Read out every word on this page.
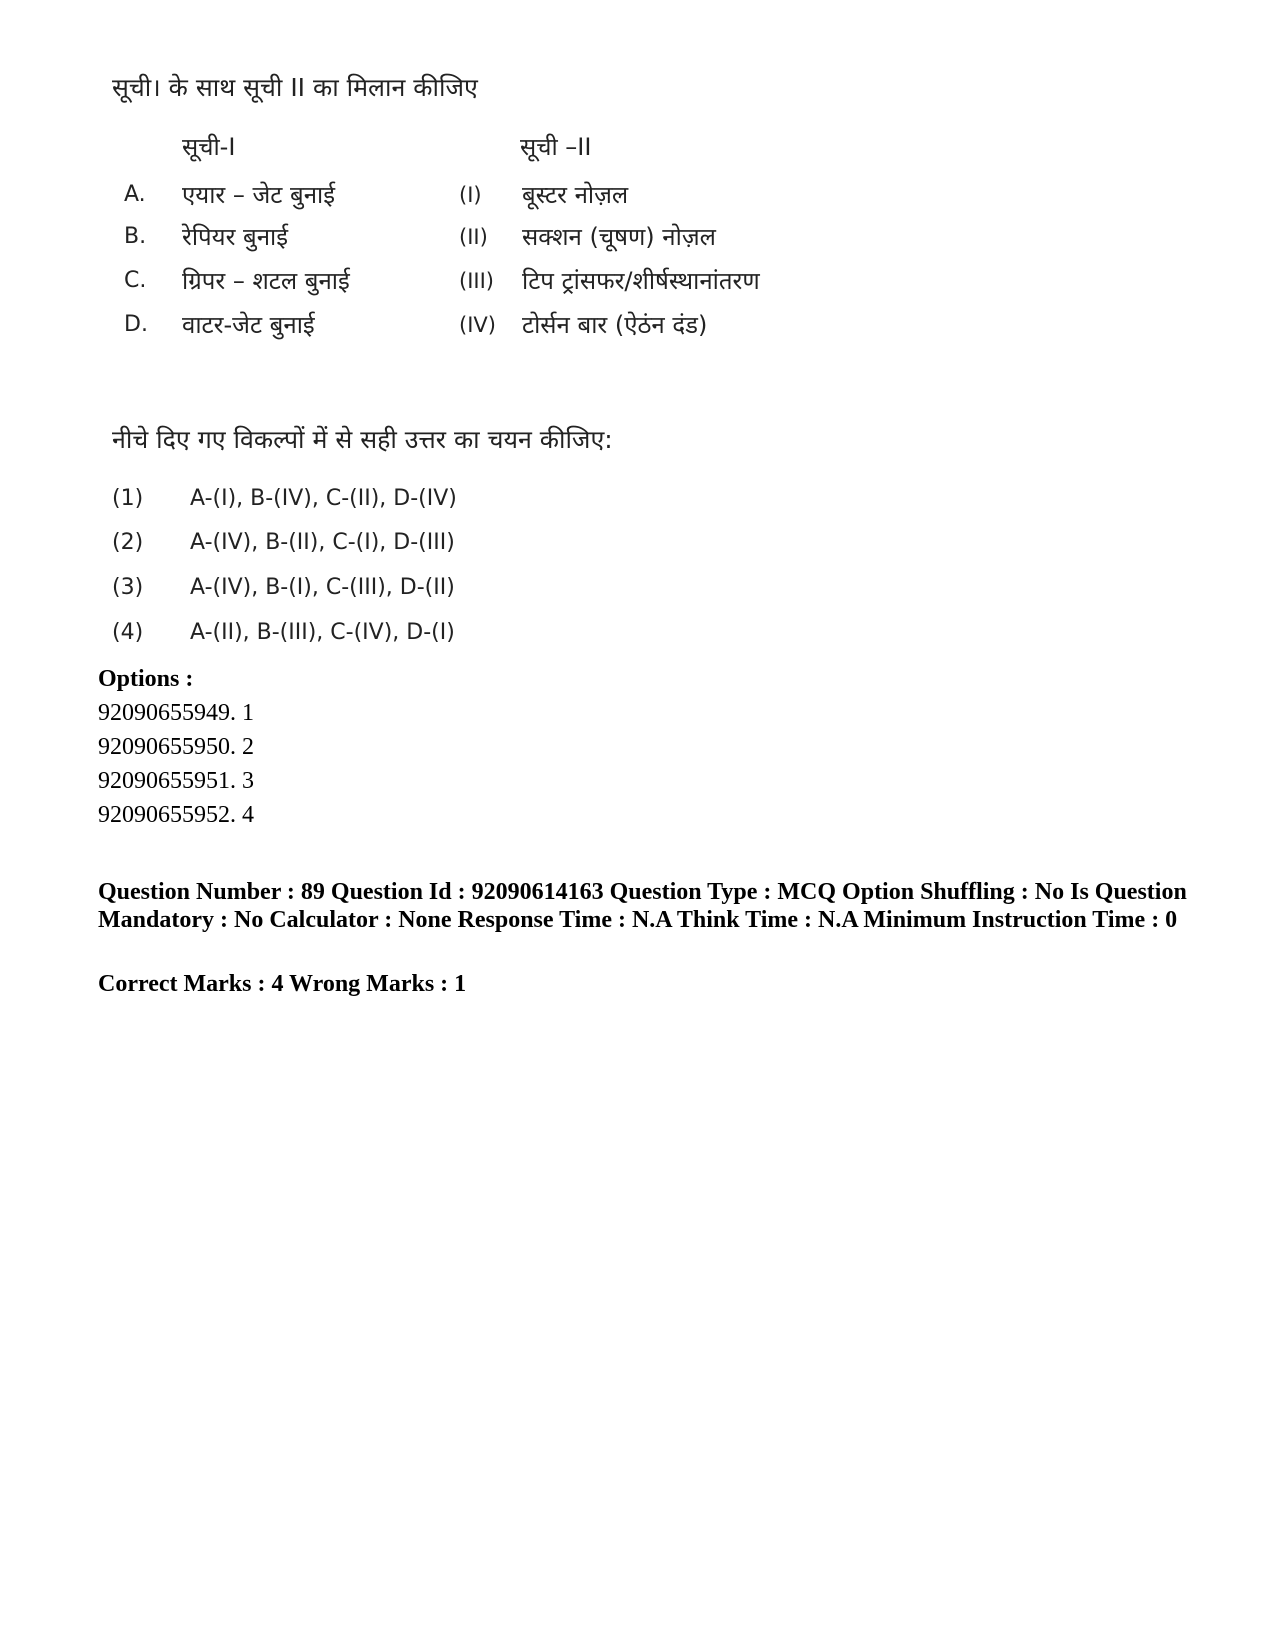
सूची। के साथ सूची II का मिलान कीजिए
सूची-I	सूची –II
A. एयार – जेट बुनाई	(I) बूस्टर नोज़ल
B. रेपियर बुनाई	(II) सक्शन (चूषण) नोज़ल
C. ग्रिपर – शटल बुनाई	(III) टिप ट्रांसफर/शीर्षस्थानांतरण
D. वाटर-जेट बुनाई	(IV) टोर्सन बार (ऐठंन दंड)
नीचे दिए गए विकल्पों में से सही उत्तर का चयन कीजिए:
(1) A-(I), B-(IV), C-(II), D-(IV)
(2) A-(IV), B-(II), C-(I), D-(III)
(3) A-(IV), B-(I), C-(III), D-(II)
(4) A-(II), B-(III), C-(IV), D-(I)
Options :
92090655949. 1
92090655950. 2
92090655951. 3
92090655952. 4
Question Number : 89 Question Id : 92090614163 Question Type : MCQ Option Shuffling : No Is Question Mandatory : No Calculator : None Response Time : N.A Think Time : N.A Minimum Instruction Time : 0
Correct Marks : 4 Wrong Marks : 1
